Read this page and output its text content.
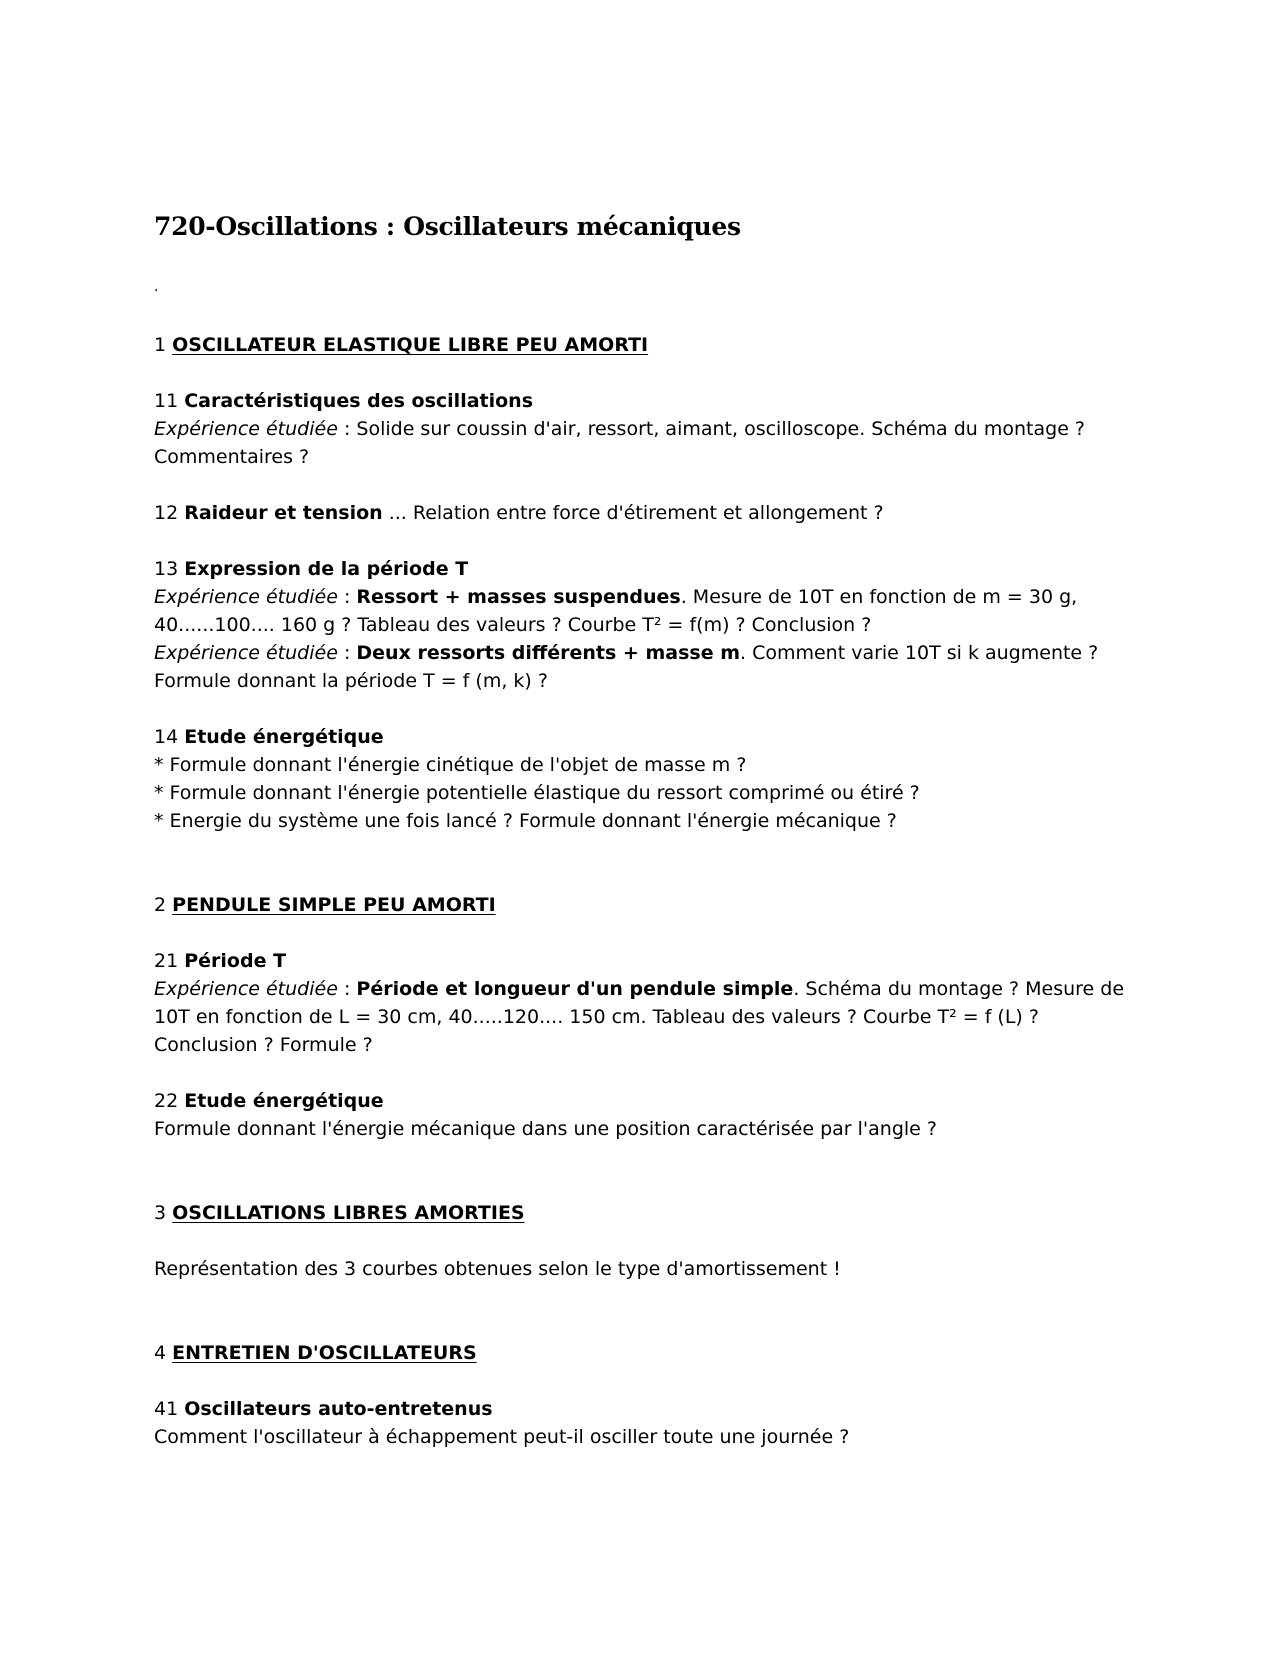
720-Oscillations : Oscillateurs mécaniques
.
1 OSCILLATEUR ELASTIQUE LIBRE PEU AMORTI
11 Caractéristiques des oscillations
Expérience étudiée : Solide sur coussin d'air, ressort, aimant, oscilloscope. Schéma du montage ?
Commentaires ?
12 Raideur et tension ... Relation entre force d'étirement et allongement ?
13 Expression de la période T
Expérience étudiée : Ressort + masses suspendues. Mesure de 10T en fonction de m = 30 g,
40......100.... 160 g ? Tableau des valeurs ? Courbe T² = f(m) ? Conclusion ?
Expérience étudiée : Deux ressorts différents + masse m. Comment varie 10T si k augmente ?
Formule donnant la période T = f (m, k) ?
14 Etude énergétique
* Formule donnant l'énergie cinétique de l'objet de masse m ?
* Formule donnant l'énergie potentielle élastique du ressort comprimé ou étiré ?
* Energie du système une fois lancé ? Formule donnant l'énergie mécanique ?
2 PENDULE SIMPLE PEU AMORTI
21 Période T
Expérience étudiée : Période et longueur d'un pendule simple. Schéma du montage ? Mesure de
10T en fonction de L = 30 cm, 40.....120.... 150 cm. Tableau des valeurs ? Courbe T² = f (L) ?
Conclusion ? Formule ?
22 Etude énergétique
Formule donnant l'énergie mécanique dans une position caractérisée par l'angle ?
3 OSCILLATIONS LIBRES AMORTIES
Représentation des 3 courbes obtenues selon le type d'amortissement !
4 ENTRETIEN D'OSCILLATEURS
41 Oscillateurs auto-entretenus
Comment l'oscillateur à échappement peut-il osciller toute une journée ?
